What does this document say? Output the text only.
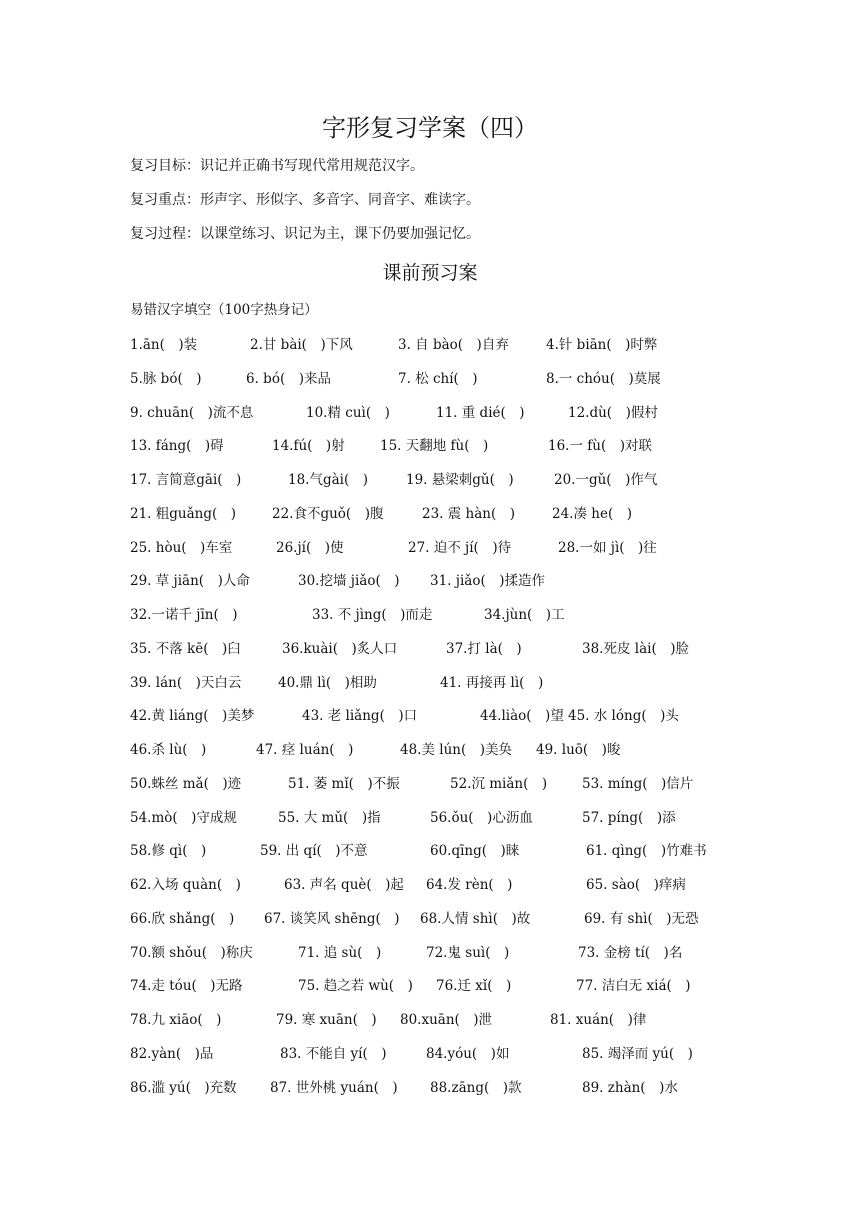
字形复习学案（四）
复习目标：识记并正确书写现代常用规范汉字。
复习重点：形声字、形似字、多音字、同音字、难读字。
复习过程：以课堂练习、识记为主，课下仍要加强记忆。
课前预习案
易错汉字填空（100字热身记）
1.ān(　)装	2.甘 bài(　)下风	3. 自 bào(　)自弃	4.针 biān(　)时弊
5.脉 bó(　)	6. bó(　)来品	7. 松 chí(　)	8.一 chóu(　)莫展
9. chuān(　)流不息	10.精 cuì(　)	11. 重 dié(　)	12.dù(　)假村
13. fáng(　)碍	14.fú(　)射	15. 天翻地 fù(　)	16.一 fù(　)对联
17. 言简意gāi(　)	18.气gài(　)	19. 悬梁刺gǔ(　)	20.一gǔ(　)作气
21. 粗guǎng(　)	22.食不guǒ(　)腹	23. 震 hàn(　)	24.凑 he(　)
25. hòu(　)车室	26.jí(　)使	27. 迫不 jí(　)待	28.一如 jì(　)往
29. 草 jiān(　)人命	30.挖墙 jiǎo(　) 31. jiǎo(　)揉造作
32.一诺千 jīn(　)	33. 不 jìng(　)而走	34.jùn(　)工
35. 不落 kē(　)臼	36.kuài(　)炙人口	37.打 là(　)	38.死皮 lài(　)脸
39. lán(　)天白云	40.鼎 lì(　)相助	41. 再接再 lì(　)
42.黄 liáng(　)美梦	43. 老 liǎng(　)口	44.liào(　)望 45. 水 lóng(　)头
46.杀 lù(　)	47. 痉 luán(　)	48.美 lún(　)美奂 49. luō(　)唆
50.蛛丝 mǎ(　)迹	51. 萎 mǐ(　)不振	52.沉 miǎn(　)	53. míng(　)信片
54.mò(　)守成规	55. 大 mǔ(　)指	56.ǒu(　)心沥血	57. píng(　)添
58.修 qì(　)	59. 出 qí(　)不意	60.qīng(　)睐	61. qìng(　)竹难书
62.入场 quàn(　)	63. 声名 què(　)起 64.发 rèn(　)	65. sào(　)痒病
66.欣 shǎng(　) 67. 谈笑风 shēng(　) 68.人情 shì(　)故	69. 有 shì(　)无恐
70.额 shǒu(　)称庆	71. 追 sù(　)	72.鬼 suì(　)	73. 金榜 tí(　)名
74.走 tóu(　)无路	75. 趋之若 wù(　) 76.迁 xǐ(　)	77. 洁白无 xiá(　)
78.九 xiāo(　)	79. 寒 xuān(　) 80.xuān(　)泄	81. xuán(　)律
82.yàn(　)品	83. 不能自 yí(　)	84.yóu(　)如	85. 竭泽而 yú(　)
86.滥 yú(　)充数 87. 世外桃 yuán(　) 88.zāng(　)款	89. zhàn(　)水
